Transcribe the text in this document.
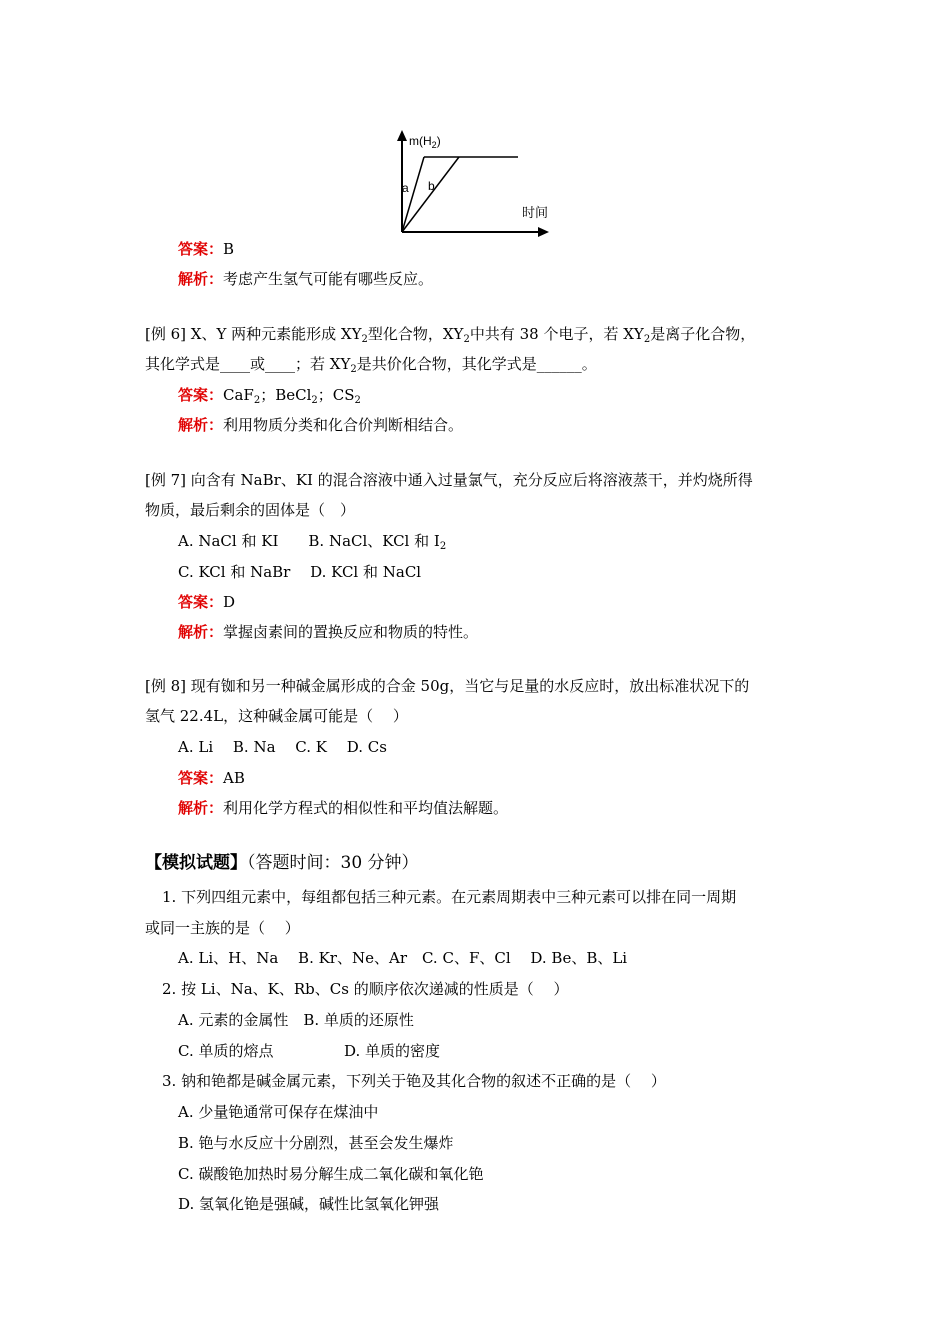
$m(H_2)$
a b
时间
答案：B
解析：考虑产生氢气可能有哪些反应。
[例 6] X、Y 两种元素能形成 $XY_2$型化合物，$XY_2$中共有 38 个电子，若 $XY_2$是离子化合物，
其化学式是____或____；若 $XY_2$是共价化合物，其化学式是______。
答案：CaF$_2$；BeCl$_2$；$CS_2$
解析：利用物质分类和化合价判断相结合。
[例 7] 向含有 NaBr、KI 的混合溶液中通入过量氯气，充分反应后将溶液蒸干，并灼烧所得
物质，最后剩余的固体是（　）
A. NaCl 和 KI　　B. NaCl、KCl 和 $I_2$
C. KCl 和 NaBr　 D. KCl 和 NaCl
答案：D
解析：掌握卤素间的置换反应和物质的特性。
[例 8] 现有铷和另一种碱金属形成的合金 50g，当它与足量的水反应时，放出标准状况下的
氢气 22.4L，这种碱金属可能是（　 ）
A. Li　 B. Na　 C. K　 D. Cs
答案：AB
解析：利用化学方程式的相似性和平均值法解题。
【模拟试题】（答题时间：30 分钟）
1. 下列四组元素中，每组都包括三种元素。在元素周期表中三种元素可以排在同一周期
或同一主族的是（　 ）
A. Li、H、Na　 B. Kr、Ne、Ar　C. C、F、Cl　 D. Be、B、Li
2. 按 Li、Na、K、Rb、Cs 的顺序依次递减的性质是（　 ）
A. 元素的金属性　B. 单质的还原性
C. 单质的熔点	D. 单质的密度
3. 钠和铯都是碱金属元素，下列关于铯及其化合物的叙述不正确的是（　 ）
A. 少量铯通常可保存在煤油中
B. 铯与水反应十分剧烈，甚至会发生爆炸
C. 碳酸铯加热时易分解生成二氧化碳和氧化铯
D. 氢氧化铯是强碱，碱性比氢氧化钾强
